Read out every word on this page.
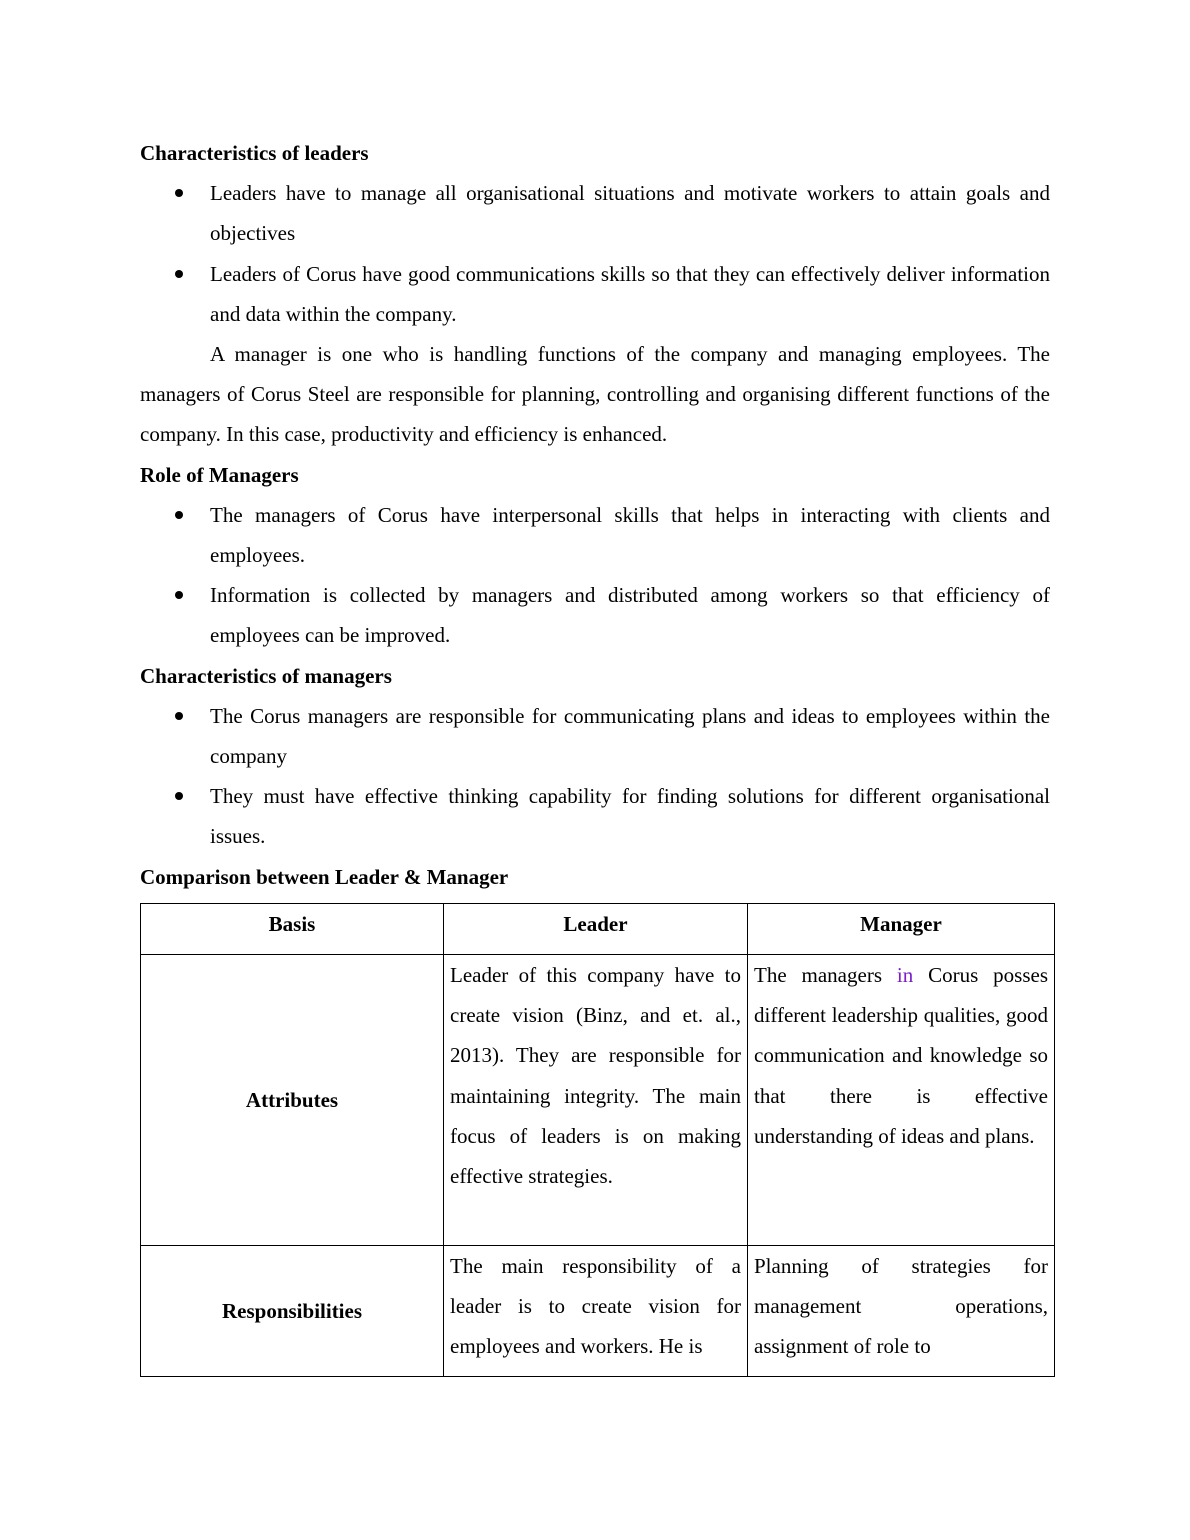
Characteristics of leaders

Leaders have to manage all organisational situations and motivate workers to attain goals and objectives
Leaders of Corus have good communications skills so that they can effectively deliver information and data within the company.

A manager is one who is handling functions of the company and managing employees. The managers of Corus Steel are responsible for planning, controlling and organising different functions of the company. In this case, productivity and efficiency is enhanced.

Role of Managers

The managers of Corus have interpersonal skills that helps in interacting with clients and employees.
Information is collected by managers and distributed among workers so that efficiency of employees can be improved.

Characteristics of managers

The Corus managers are responsible for communicating plans and ideas to employees within the company
They must have effective thinking capability for finding solutions for different organisational issues.

Comparison between Leader & Manager

Basis	Leader	Manager
Attributes	Leader of this company have to create vision (Binz, and et. al., 2013). They are responsible for maintaining integrity. The main focus of leaders is on making effective strategies.	The managers in Corus posses different leadership qualities, good communication and knowledge so that there is effective understanding of ideas and plans.
Responsibilities	The main responsibility of a leader is to create vision for employees and workers. He is	Planning of strategies for management operations, assignment of role to
